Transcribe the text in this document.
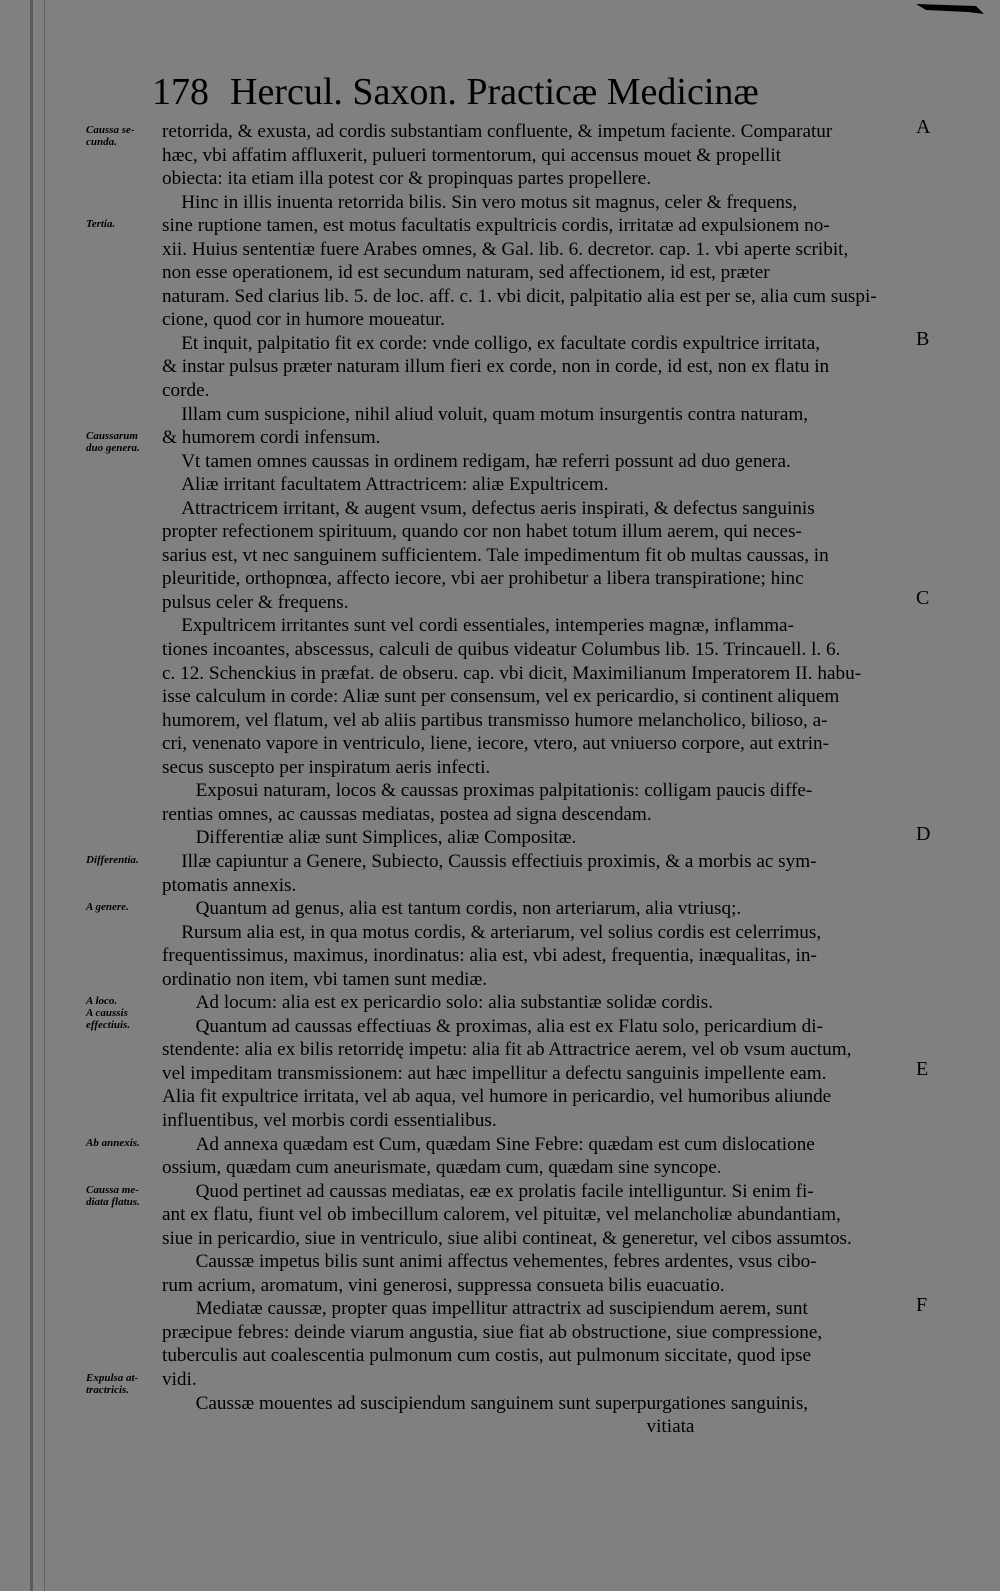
178 Hercul. Saxon. Practicæ Medicinæ
retorrida, & exusta, ad cordis substantiam confluente, & impetum faciente. Comparatur
hæc, vbi affatim affluxerit, pulueri tormentorum, qui accensus mouet & propellit
obiecta: ita etiam illa potest cor & propinquas partes propellere.
Hinc in illis inuenta retorrida bilis. Sin vero motus sit magnus, celer & frequens,
sine ruptione tamen, est motus facultatis expultricis cordis, irritatæ ad expulsionem no-
xii. Huius sententiæ fuere Arabes omnes, & Gal. lib. 6. decretor. cap. 1. vbi aperte scribit,
non esse operationem, id est secundum naturam, sed affectionem, id est, præter
naturam. Sed clarius lib. 5. de loc. aff. c. 1. vbi dicit, palpitatio alia est per se, alia cum suspi-
cione, quod cor in humore moueatur.
Et inquit, palpitatio fit ex corde: vnde colligo, ex facultate cordis expultrice irritata,
& instar pulsus præter naturam illum fieri ex corde, non in corde, id est, non ex flatu in
corde.
Illam cum suspicione, nihil aliud voluit, quam motum insurgentis contra naturam,
& humorem cordi infensum.
Vt tamen omnes caussas in ordinem redigam, hæ referri possunt ad duo genera.
Aliæ irritant facultatem Attractricem: aliæ Expultricem.
Attractricem irritant, & augent vsum, defectus aeris inspirati, & defectus sanguinis
propter refectionem spirituum, quando cor non habet totum illum aerem, qui neces-
sarius est, vt nec sanguinem sufficientem. Tale impedimentum fit ob multas caussas, in
pleuritide, orthopnœa, affecto iecore, vbi aer prohibetur a libera transpiratione; hinc
pulsus celer & frequens.
Expultricem irritantes sunt vel cordi essentiales, intemperies magnæ, inflamma-
tiones incoantes, abscessus, calculi de quibus videatur Columbus lib. 15. Trincauell. l. 6.
c. 12. Schenckius in præfat. de obseru. cap. vbi dicit, Maximilianum Imperatorem II. habu-
isse calculum in corde: Aliæ sunt per consensum, vel ex pericardio, si continent aliquem
humorem, vel flatum, vel ab aliis partibus transmisso humore melancholico, bilioso, a-
cri, venenato vapore in ventriculo, liene, iecore, vtero, aut vniuerso corpore, aut extrin-
secus suscepto per inspiratum aeris infecti.
Exposui naturam, locos & caussas proximas palpitationis: colligam paucis diffe-
rentias omnes, ac caussas mediatas, postea ad signa descendam.
Differentiæ aliæ sunt Simplices, aliæ Compositæ.
Illæ capiuntur a Genere, Subiecto, Caussis effectiuis proximis, & a morbis ac sym-
ptomatis annexis.
Quantum ad genus, alia est tantum cordis, non arteriarum, alia vtriusq;.
Rursum alia est, in qua motus cordis, & arteriarum, vel solius cordis est celerrimus,
frequentissimus, maximus, inordinatus: alia est, vbi adest, frequentia, inæqualitas, in-
ordinatio non item, vbi tamen sunt mediæ.
Ad locum: alia est ex pericardio solo: alia substantiæ solidæ cordis.
Quantum ad caussas effectiuas & proximas, alia est ex Flatu solo, pericardium di-
stendente: alia ex bilis retorridę impetu: alia fit ab Attractrice aerem, vel ob vsum auctum,
vel impeditam transmissionem: aut hæc impellitur a defectu sanguinis impellente eam.
Alia fit expultrice irritata, vel ab aqua, vel humore in pericardio, vel humoribus aliunde
influentibus, vel morbis cordi essentialibus.
Ad annexa quædam est Cum, quædam Sine Febre: quædam est cum dislocatione
ossium, quædam cum aneurismate, quædam cum, quædam sine syncope.
Quod pertinet ad caussas mediatas, eæ ex prolatis facile intelliguntur. Si enim fi-
ant ex flatu, fiunt vel ob imbecillum calorem, vel pituitæ, vel melancholiæ abundantiam,
siue in pericardio, siue in ventriculo, siue alibi contineat, & generetur, vel cibos assumtos.
Caussæ impetus bilis sunt animi affectus vehementes, febres ardentes, vsus cibo-
rum acrium, aromatum, vini generosi, suppressa consueta bilis euacuatio.
Mediatæ caussæ, propter quas impellitur attractrix ad suscipiendum aerem, sunt
præcipue febres: deinde viarum angustia, siue fiat ab obstructione, siue compressione,
tuberculis aut coalescentia pulmonum cum costis, aut pulmonum siccitate, quod ipse
vidi.
Caussæ mouentes ad suscipiendum sanguinem sunt superpurgationes sanguinis,
vitiata
Caussa se-
cunda.
Tertia.
Caussarum
duo genera.
Differentia.
A genere.
A loco.
A caussis
effectiuis.
Ab annexis.
Caussa me-
diata flatus.
Expulsa at-
tractricis.
A
B
C
D
E
F
